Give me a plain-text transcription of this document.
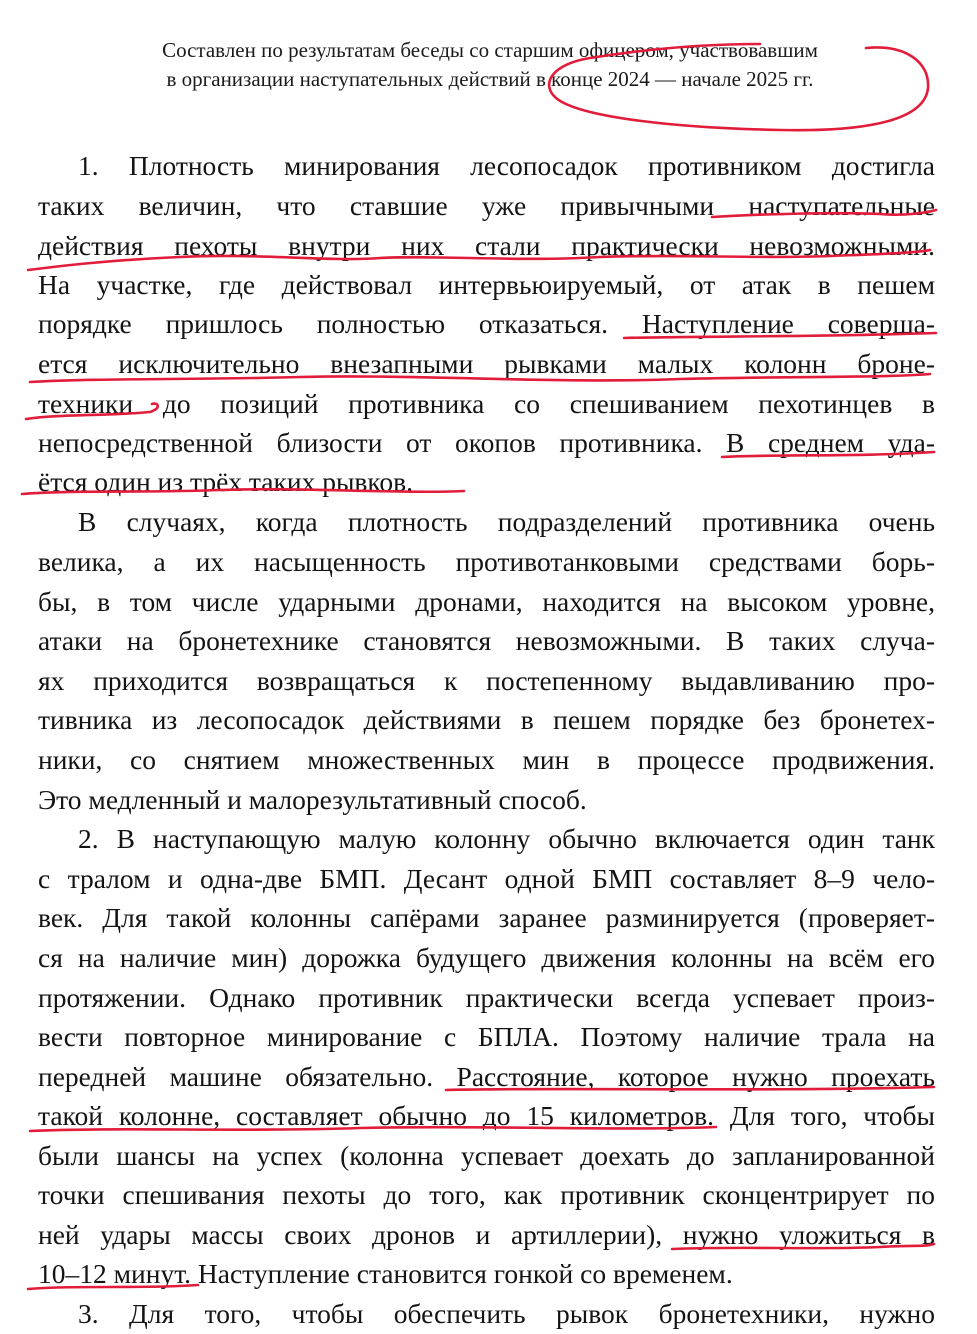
Составлен по результатам беседы со старшим офицером, участвовавшим
в организации наступательных действий в конце 2024 — начале 2025 гг.
1. Плотность минирования лесопосадок противником достигла
таких величин, что ставшие уже привычными наступательные
действия пехоты внутри них стали практически невозможными.
На участке, где действовал интервьюируемый, от атак в пешем
порядке пришлось полностью отказаться. Наступление соверша-
ется исключительно внезапными рывками малых колонн броне-
техники до позиций противника со спешиванием пехотинцев в
непосредственной близости от окопов противника. В среднем уда-
ётся один из трёх таких рывков.
В случаях, когда плотность подразделений противника очень
велика, а их насыщенность противотанковыми средствами борь-
бы, в том числе ударными дронами, находится на высоком уровне,
атаки на бронетехнике становятся невозможными. В таких случа-
ях приходится возвращаться к постепенному выдавливанию про-
тивника из лесопосадок действиями в пешем порядке без бронетех-
ники, со снятием множественных мин в процессе продвижения.
Это медленный и малорезультативный способ.
2. В наступающую малую колонну обычно включается один танк
с тралом и одна-две БМП. Десант одной БМП составляет 8–9 чело-
век. Для такой колонны сапёрами заранее разминируется (проверяет-
ся на наличие мин) дорожка будущего движения колонны на всём его
протяжении. Однако противник практически всегда успевает произ-
вести повторное минирование с БПЛА. Поэтому наличие трала на
передней машине обязательно. Расстояние, которое нужно проехать
такой колонне, составляет обычно до 15 километров. Для того, чтобы
были шансы на успех (колонна успевает доехать до запланированной
точки спешивания пехоты до того, как противник сконцентрирует по
ней удары массы своих дронов и артиллерии), нужно уложиться в
10–12 минут. Наступление становится гонкой со временем.
3. Для того, чтобы обеспечить рывок бронетехники, нужно
